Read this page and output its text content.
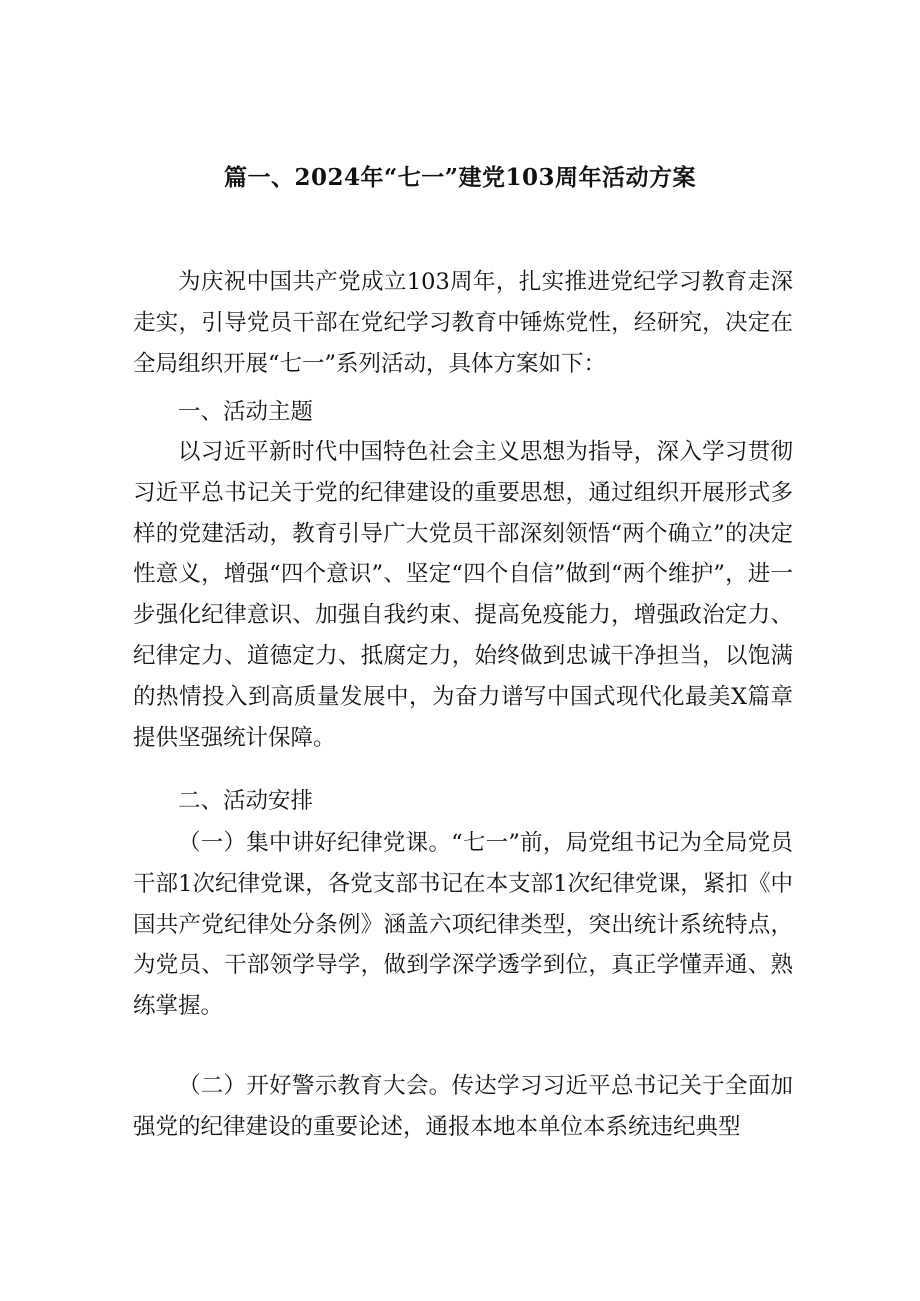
篇一、2024年“七一”建党103周年活动方案

为庆祝中国共产党成立103周年，扎实推进党纪学习教育走深走实，引导党员干部在党纪学习教育中锤炼党性，经研究，决定在全局组织开展“七一”系列活动，具体方案如下：

一、活动主题

以习近平新时代中国特色社会主义思想为指导，深入学习贯彻习近平总书记关于党的纪律建设的重要思想，通过组织开展形式多样的党建活动，教育引导广大党员干部深刻领悟“两个确立”的决定性意义，增强“四个意识”、坚定“四个自信”做到“两个维护”，进一步强化纪律意识、加强自我约束、提高免疫能力，增强政治定力、纪律定力、道德定力、抵腐定力，始终做到忠诚干净担当，以饱满的热情投入到高质量发展中，为奋力谱写中国式现代化最美X篇章提供坚强统计保障。

二、活动安排

（一）集中讲好纪律党课。“七一”前，局党组书记为全局党员干部1次纪律党课，各党支部书记在本支部1次纪律党课，紧扣《中国共产党纪律处分条例》涵盖六项纪律类型，突出统计系统特点，为党员、干部领学导学，做到学深学透学到位，真正学懂弄通、熟练掌握。

（二）开好警示教育大会。传达学习习近平总书记关于全面加强党的纪律建设的重要论述，通报本地本单位本系统违纪典型
